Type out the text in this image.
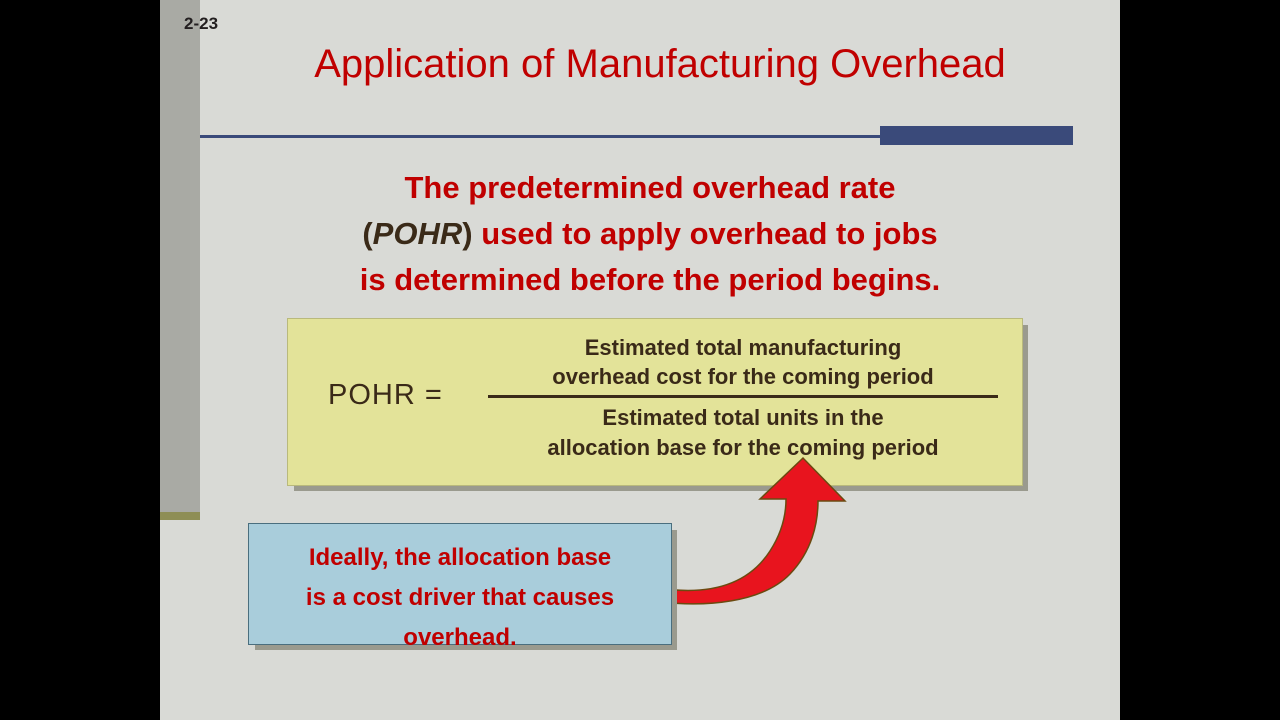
2-23
Application of Manufacturing Overhead
The predetermined overhead rate
(POHR) used to apply overhead to jobs
is determined before the period begins.
POHR =
Estimated total manufacturing
overhead cost for the coming period
Estimated total units in the
allocation base for the coming period
Ideally, the allocation base
is a cost driver that causes
overhead.
